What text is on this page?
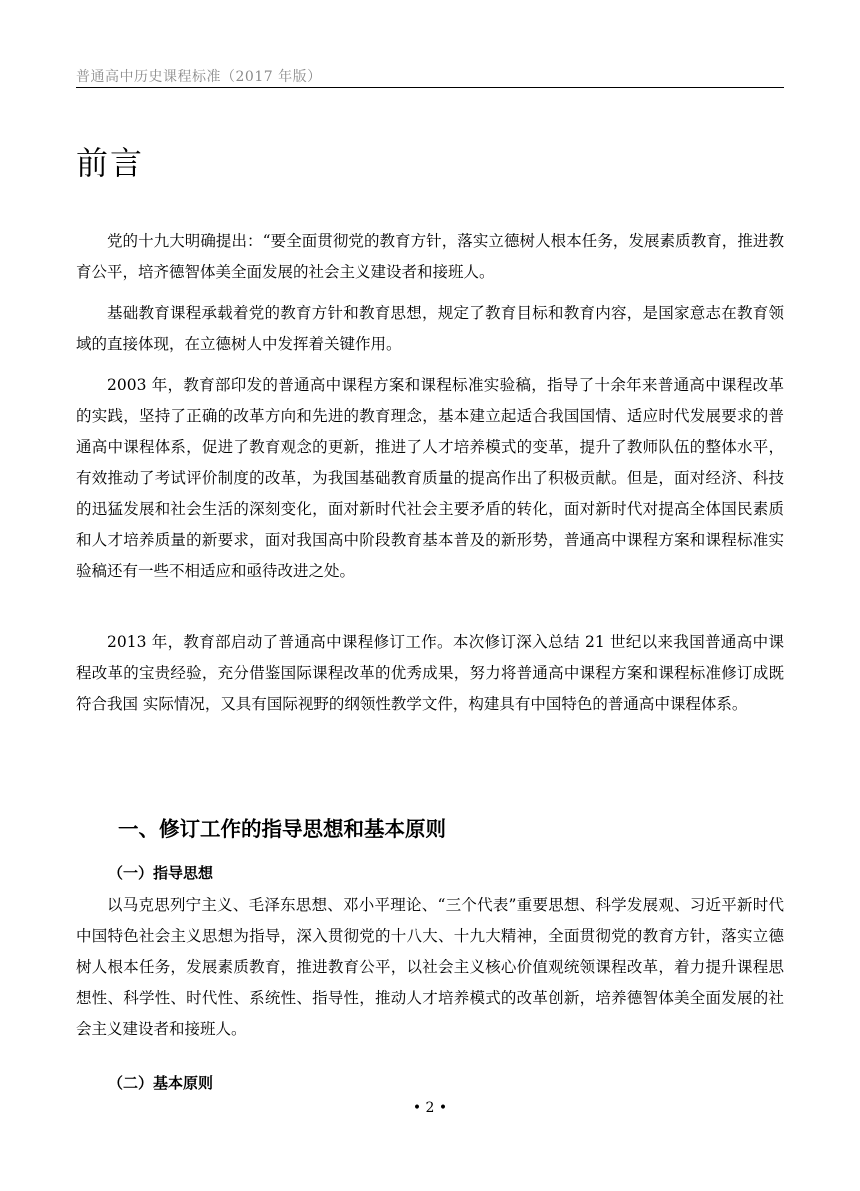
普通高中历史课程标准（2017 年版）
前言

党的十九大明确提出：“要全面贯彻党的教育方针，落实立德树人根本任务，发展素质教育，推进教育公平，培齐德智体美全面发展的社会主义建设者和接班人。

基础教育课程承载着党的教育方针和教育思想，规定了教育目标和教育内容，是国家意志在教育领域的直接体现，在立德树人中发挥着关键作用。

2003 年，教育部印发的普通高中课程方案和课程标准实验稿，指导了十余年来普通高中课程改革的实践，坚持了正确的改革方向和先进的教育理念，基本建立起适合我国国情、适应时代发展要求的普通高中课程体系，促进了教育观念的更新，推进了人才培养模式的变革，提升了教师队伍的整体水平，有效推动了考试评价制度的改革，为我国基础教育质量的提高作出了积极贡献。但是，面对经济、科技的迅猛发展和社会生活的深刻变化，面对新时代社会主要矛盾的转化，面对新时代对提高全体国民素质和人才培养质量的新要求，面对我国高中阶段教育基本普及的新形势，普通高中课程方案和课程标准实验稿还有一些不相适应和亟待改进之处。

2013 年，教育部启动了普通高中课程修订工作。本次修订深入总结 21 世纪以来我国普通高中课程改革的宝贵经验，充分借鉴国际课程改革的优秀成果，努力将普通高中课程方案和课程标准修订成既符合我国 实际情况，又具有国际视野的纲领性教学文件，构建具有中国特色的普通高中课程体系。

一、修订工作的指导思想和基本原则
（一）指导思想

以马克思列宁主义、毛泽东思想、邓小平理论、“三个代表”重要思想、科学发展观、习近平新时代中国特色社会主义思想为指导，深入贯彻党的十八大、十九大精神，全面贯彻党的教育方针，落实立德树人根本任务，发展素质教育，推进教育公平，以社会主义核心价值观统领课程改革，着力提升课程思想性、科学性、时代性、系统性、指导性，推动人才培养模式的改革创新，培养德智体美全面发展的社会主义建设者和接班人。

（二）基本原则
• 2 •
